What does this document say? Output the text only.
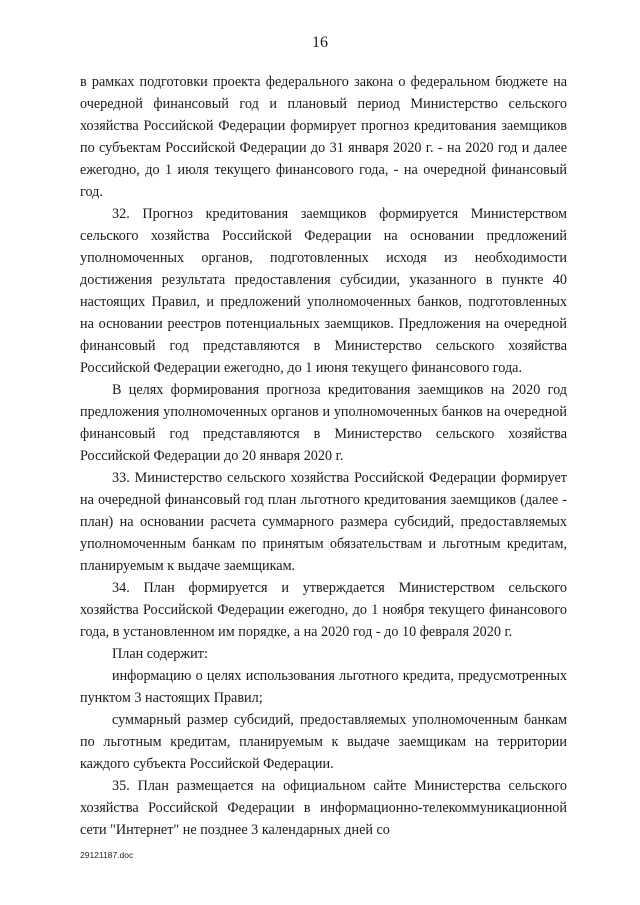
16

в рамках подготовки проекта федерального закона о федеральном бюджете на очередной финансовый год и плановый период Министерство сельского хозяйства Российской Федерации формирует прогноз кредитования заемщиков по субъектам Российской Федерации до 31 января 2020 г. - на 2020 год и далее ежегодно, до 1 июля текущего финансового года, - на очередной финансовый год.

32. Прогноз кредитования заемщиков формируется Министерством сельского хозяйства Российской Федерации на основании предложений уполномоченных органов, подготовленных исходя из необходимости достижения результата предоставления субсидии, указанного в пункте 40 настоящих Правил, и предложений уполномоченных банков, подготовленных на основании реестров потенциальных заемщиков. Предложения на очередной финансовый год представляются в Министерство сельского хозяйства Российской Федерации ежегодно, до 1 июня текущего финансового года.

В целях формирования прогноза кредитования заемщиков на 2020 год предложения уполномоченных органов и уполномоченных банков на очередной финансовый год представляются в Министерство сельского хозяйства Российской Федерации до 20 января 2020 г.

33. Министерство сельского хозяйства Российской Федерации формирует на очередной финансовый год план льготного кредитования заемщиков (далее - план) на основании расчета суммарного размера субсидий, предоставляемых уполномоченным банкам по принятым обязательствам и льготным кредитам, планируемым к выдаче заемщикам.

34. План формируется и утверждается Министерством сельского хозяйства Российской Федерации ежегодно, до 1 ноября текущего финансового года, в установленном им порядке, а на 2020 год - до 10 февраля 2020 г.

План содержит:

информацию о целях использования льготного кредита, предусмотренных пунктом 3 настоящих Правил;

суммарный размер субсидий, предоставляемых уполномоченным банкам по льготным кредитам, планируемым к выдаче заемщикам на территории каждого субъекта Российской Федерации.

35. План размещается на официальном сайте Министерства сельского хозяйства Российской Федерации в информационно-телекоммуникационной сети "Интернет" не позднее 3 календарных дней со

29121187.doc
